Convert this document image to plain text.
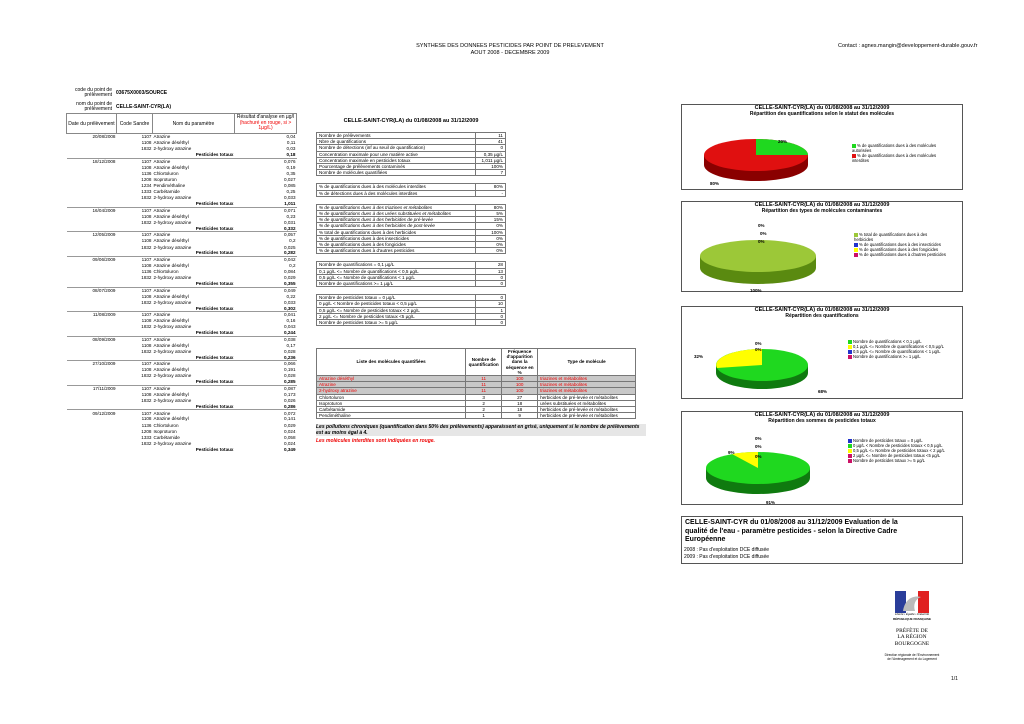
SYNTHESE DES DONNEES PESTICIDES PAR POINT DE PRELEVEMENT
AOUT 2008 - DECEMBRE 2009
Contact : agnes.mangin@developpement-durable.gouv.fr
code du point de prélèvement 03675X0003/SOURCE
nom du point de prélèvement CELLE-SAINT-CYR(LA)
Date du prélèvement	Code Sandre	Nom du paramètre	Résultat d'analyse en µg/l
(hachuré en rouge, si > 1µg/L)
20/08/2008	1107	Atrazine	0,04
	1108	Atrazine déséthyl	0,11
	1832	2-hydroxy atrazine	0,03
		Pesticides totaux	0,18
18/12/2008	1107	Atrazine	0,076
	1108	Atrazine déséthyl	0,19
	1136	Chlortoluron	0,35
	1208	Isoproturon	0,027
	1234	Pendiméthaline	0,085
	1333	Carbétamide	0,25
	1832	2-hydroxy atrazine	0,033
		Pesticides totaux	1,011
16/04/2009	1107	Atrazine	0,071
	1108	Atrazine déséthyl	0,23
	1832	2-hydroxy atrazine	0,031
		Pesticides totaux	0,332
12/05/2009	1107	Atrazine	0,057
	1108	Atrazine déséthyl	0,2
	1832	2-hydroxy atrazine	0,025
		Pesticides totaux	0,282
09/06/2009	1107	Atrazine	0,042
	1108	Atrazine déséthyl	0,2
	1136	Chlortoluron	0,084
	1832	2-hydroxy atrazine	0,029
		Pesticides totaux	0,355
08/07/2009	1107	Atrazine	0,049
	1108	Atrazine déséthyl	0,22
	1832	2-hydroxy atrazine	0,033
		Pesticides totaux	0,302
11/08/2009	1107	Atrazine	0,041
	1108	Atrazine déséthyl	0,16
	1832	2-hydroxy atrazine	0,043
		Pesticides totaux	0,244
08/09/2009	1107	Atrazine	0,038
	1108	Atrazine déséthyl	0,17
	1832	2-hydroxy atrazine	0,028
		Pesticides totaux	0,236
27/10/2009	1107	Atrazine	0,066
	1108	Atrazine déséthyl	0,191
	1832	2-hydroxy atrazine	0,028
		Pesticides totaux	0,285
17/11/2009	1107	Atrazine	0,087
	1108	Atrazine déséthyl	0,173
	1832	2-hydroxy atrazine	0,026
		Pesticides totaux	0,286
09/12/2009	1107	Atrazine	0,072
	1108	Atrazine déséthyl	0,141
	1136	Chlortoluron	0,029
	1208	Isoproturon	0,024
	1333	Carbétamide	0,058
	1832	2-hydroxy atrazine	0,024
		Pesticides totaux	0,349
CELLE-SAINT-CYR(LA) du 01/08/2008 au 31/12/2009
Nombre de prélèvements	11
Nbre de quantifications	41
Nombre de détections (inf au seuil de quantification)	0
Concentration maximale pour une matière active	0,35 µg/L
Concentration maximale en pesticides totaux	1,011 µg/L
Pourcentage de prélèvements contaminés	100%
Nombre de molécules quantifiées	7
% de quantifications dues à des molécules interdites	80%
% de détections dues à des molécules interdites	-
% de quantifications dues à des triazines et métabolites	80%
% de quantifications dues à des urées substituées et métabolites	5%
% de quantifications dues à des herbicides de pré-levée	15%
% de quantifications dues à des herbicides de post-levée	0%
% total de quantifications dues à des herbicides	100%
% de quantifications dues à des insecticides	0%
% de quantifications dues à des fongicides	0%
% de quantifications dues à d'autres pesticides	0%
Nombre de quantifications = 0,1 µg/L	28
0,1 µg/L <= Nombre de quantifications < 0,5 µg/L	13
0,5 µg/L <= Nombre de quantifications < 1 µg/L	0
Nombre de quantifications >= 1 µg/L	0
Nombre de pesticides totaux = 0 µg/L	0
0 µg/L < Nombre de pesticides totaux < 0,5 µg/L	10
0,5 µg/L <= Nombre de pesticides totaux < 2 µg/L	1
2 µg/L <= Nombre de pesticides totaux <5 µg/L	0
Nombre de pesticides totaux >= 5 µg/L	0
Liste des molécules quantifiées	Nombre de quantification	Fréquence d'apparition dans la séquence en %	Type de molécule
Atrazine déséthyl	11	100	triazines et métabolites
Atrazine	11	100	triazines et métabolites
2-hydroxy atrazine	11	100	triazines et métabolites
Chlortoluron	3	27	herbicides de pré-levée et métabolites
Isoproturon	2	18	urées substituées et métabolites
Carbétamide	2	18	herbicides de pré-levée et métabolites
Pendiméthaline	1	9	herbicides de pré-levée et métabolites
Les pollutions chroniques (quantification dans 50% des prélèvements) apparaissent en grisé, uniquement si le nombre de prélèvements est au moins égal à 4.
Les molécules interdites sont indiquées en rouge.
CELLE-SAINT-CYR(LA) du 01/08/2008 au 31/12/2009
Répartition des quantifications selon le statut des molécules
20%
80%
% de quantifications dues à des molécules autorisées
% de quantifications dues à des molécules interdites
CELLE-SAINT-CYR(LA) du 01/08/2008 au 31/12/2009
Répartition des types de molécules contaminantes
0%
0%
0%
100%
% total de quantifications dues à des herbicides
% de quantifications dues à des insecticides
% de quantifications dues à des fongicides
% de quantifications dues à d'autres pesticides
CELLE-SAINT-CYR(LA) du 01/08/2008 au 31/12/2009
Répartition des quantifications
0%
0%
32%
68%
Nombre de quantifications < 0,1 µg/L
0,1 µg/L <= Nombre de quantifications < 0,5 µg/L
0,5 µg/L <= Nombre de quantifications < 1 µg/L
Nombre de quantifications >= 1 µg/L
CELLE-SAINT-CYR(LA) du 01/08/2008 au 31/12/2009
Répartition des sommes de pesticides totaux
0%
0%
0%
9%
91%
Nombre de pesticides totaux = 0 µg/L
0 µg/L < Nombre de pesticides totaux < 0,5 µg/L
0,5 µg/L <= Nombre de pesticides totaux < 2 µg/L
2 µg/L <= Nombre de pesticides totaux <5 µg/L
Nombre de pesticides totaux >= 5 µg/L
CELLE-SAINT-CYR du 01/08/2008 au 31/12/2009 Evaluation de la qualité de l'eau - paramètre pesticides - selon la Directive Cadre Européenne
2008 : Pas d'exploitation DCE diffusée
2009 : Pas d'exploitation DCE diffusée
Liberté • Égalité • Fraternité
RÉPUBLIQUE FRANÇAISE
PRÉFÈTE DE LA RÉGION BOURGOGNE
Direction régionale de l'Environnement de l'Aménagement et du Logement
1/1
